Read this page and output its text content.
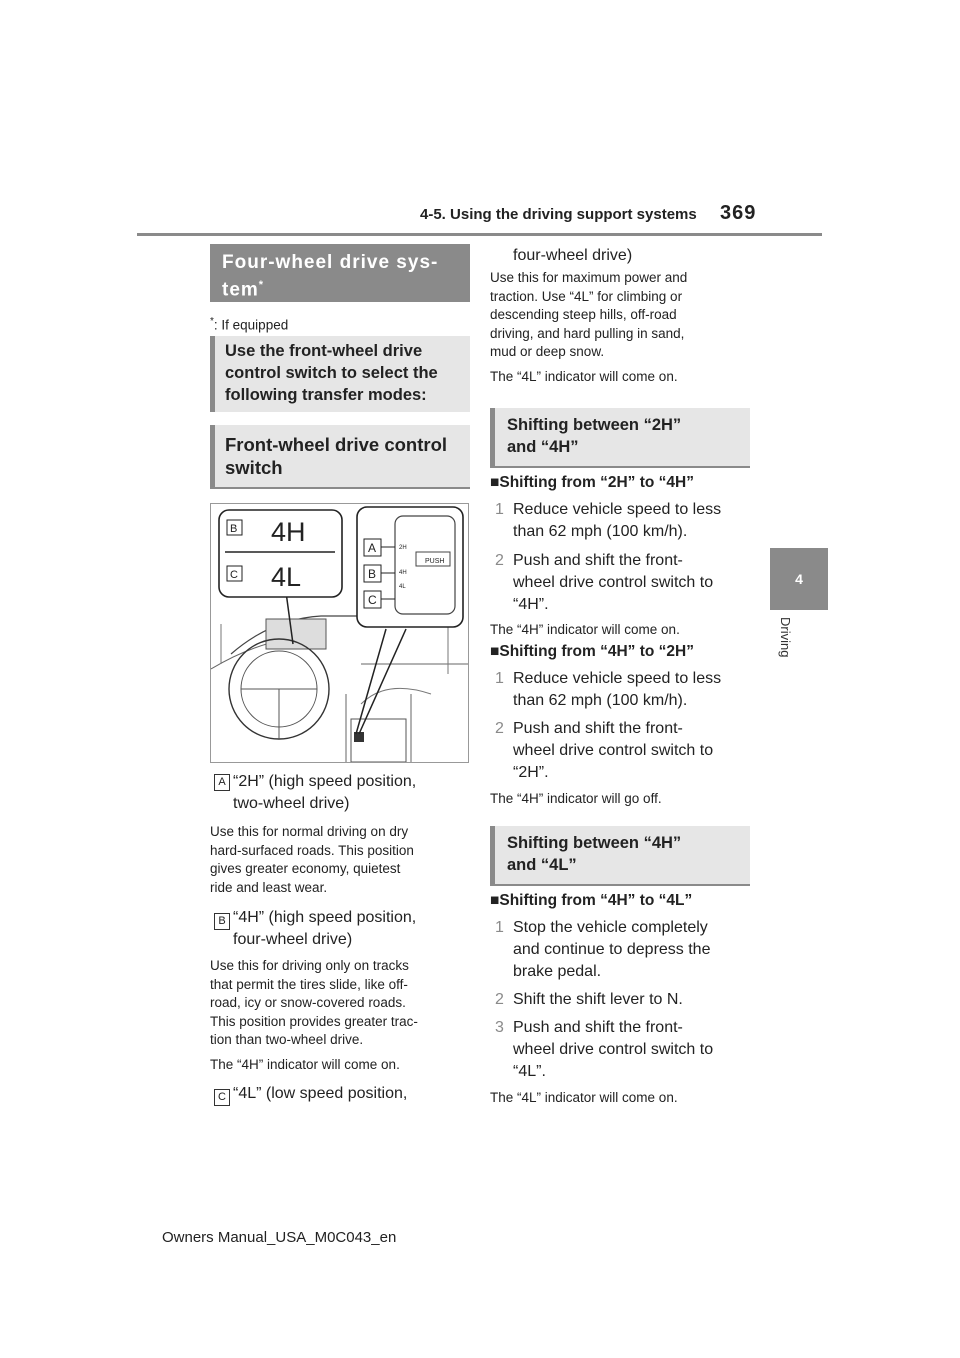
4-5. Using the driving support systems 369
4
Driving
Four-wheel drive sys-tem*
*: If equipped
Use the front-wheel drive control switch to select the following transfer modes:
Front-wheel drive control switch
4H
4L
B
C
PUSH
2H
4H
4L
A
B
C
A “2H” (high speed position,
two-wheel drive)
Use this for normal driving on dry
hard-surfaced roads. This position
gives greater economy, quietest
ride and least wear.
B “4H” (high speed position,
four-wheel drive)
Use this for driving only on tracks
that permit the tires slide, like off-
road, icy or snow-covered roads.
This position provides greater trac-
tion than two-wheel drive.
The “4H” indicator will come on.
C “4L” (low speed position,
four-wheel drive)
Use this for maximum power and
traction. Use “4L” for climbing or
descending steep hills, off-road
driving, and hard pulling in sand,
mud or deep snow.
The “4L” indicator will come on.
Shifting between “2H”
and “4H”
■Shifting from “2H” to “4H”
1 Reduce vehicle speed to less
than 62 mph (100 km/h).
2 Push and shift the front-
wheel drive control switch to
“4H”.
The “4H” indicator will come on.
■Shifting from “4H” to “2H”
1 Reduce vehicle speed to less
than 62 mph (100 km/h).
2 Push and shift the front-
wheel drive control switch to
“2H”.
The “4H” indicator will go off.
Shifting between “4H”
and “4L”
■Shifting from “4H” to “4L”
1 Stop the vehicle completely
and continue to depress the
brake pedal.
2 Shift the shift lever to N.
3 Push and shift the front-
wheel drive control switch to
“4L”.
The “4L” indicator will come on.
Owners Manual_USA_M0C043_en
